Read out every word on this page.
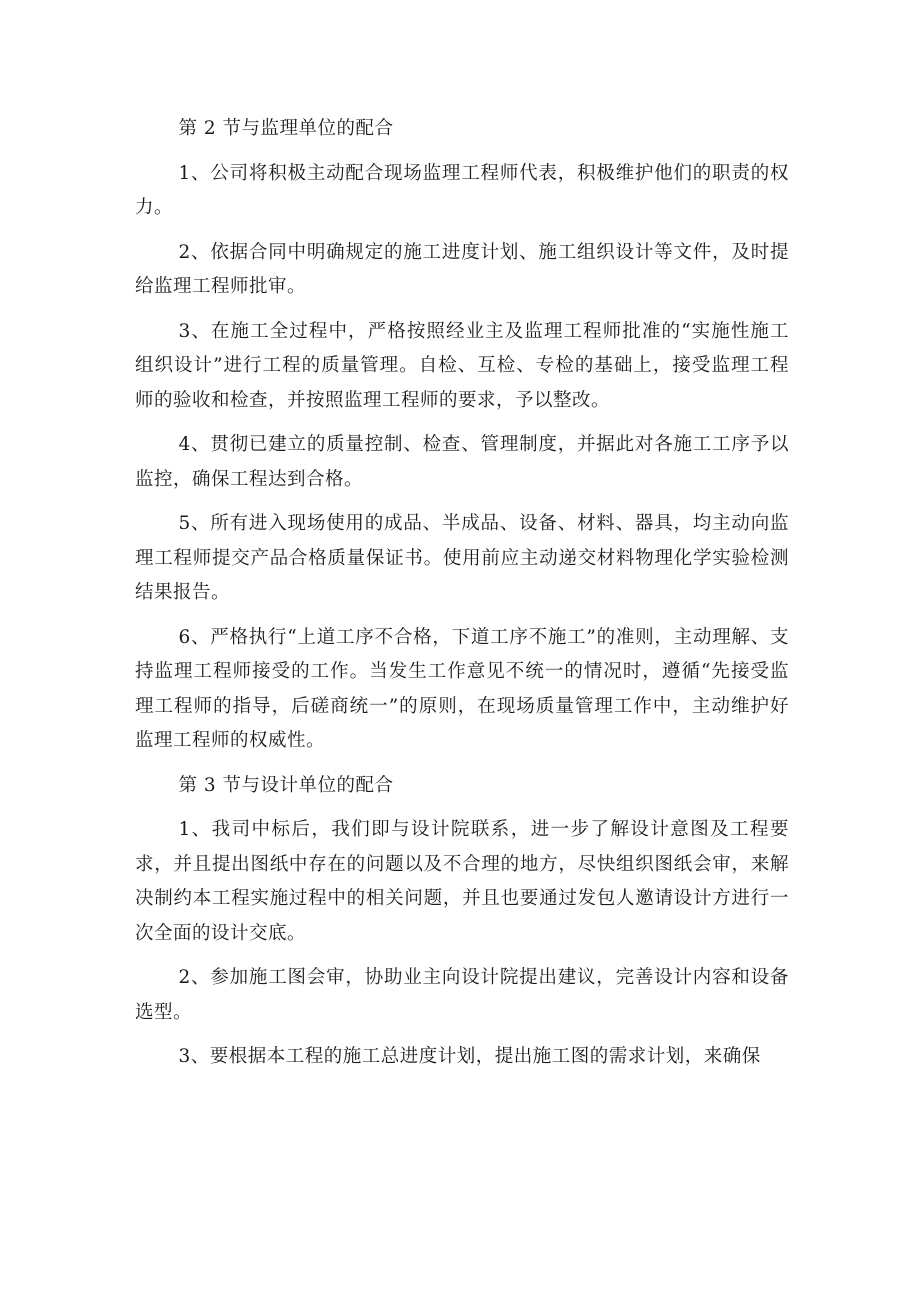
第 2 节与监理单位的配合

1、公司将积极主动配合现场监理工程师代表，积极维护他们的职责的权力。

2、依据合同中明确规定的施工进度计划、施工组织设计等文件，及时提给监理工程师批审。

3、在施工全过程中，严格按照经业主及监理工程师批准的“实施性施工组织设计”进行工程的质量管理。自检、互检、专检的基础上，接受监理工程师的验收和检查，并按照监理工程师的要求，予以整改。

4、贯彻已建立的质量控制、检查、管理制度，并据此对各施工工序予以监控，确保工程达到合格。

5、所有进入现场使用的成品、半成品、设备、材料、器具，均主动向监理工程师提交产品合格质量保证书。使用前应主动递交材料物理化学实验检测结果报告。

6、严格执行“上道工序不合格，下道工序不施工”的准则，主动理解、支持监理工程师接受的工作。当发生工作意见不统一的情况时，遵循“先接受监理工程师的指导，后磋商统一”的原则，在现场质量管理工作中，主动维护好监理工程师的权威性。

第 3 节与设计单位的配合

1、我司中标后，我们即与设计院联系，进一步了解设计意图及工程要求，并且提出图纸中存在的问题以及不合理的地方，尽快组织图纸会审，来解决制约本工程实施过程中的相关问题，并且也要通过发包人邀请设计方进行一次全面的设计交底。

2、参加施工图会审，协助业主向设计院提出建议，完善设计内容和设备选型。

3、要根据本工程的施工总进度计划，提出施工图的需求计划，来确保
